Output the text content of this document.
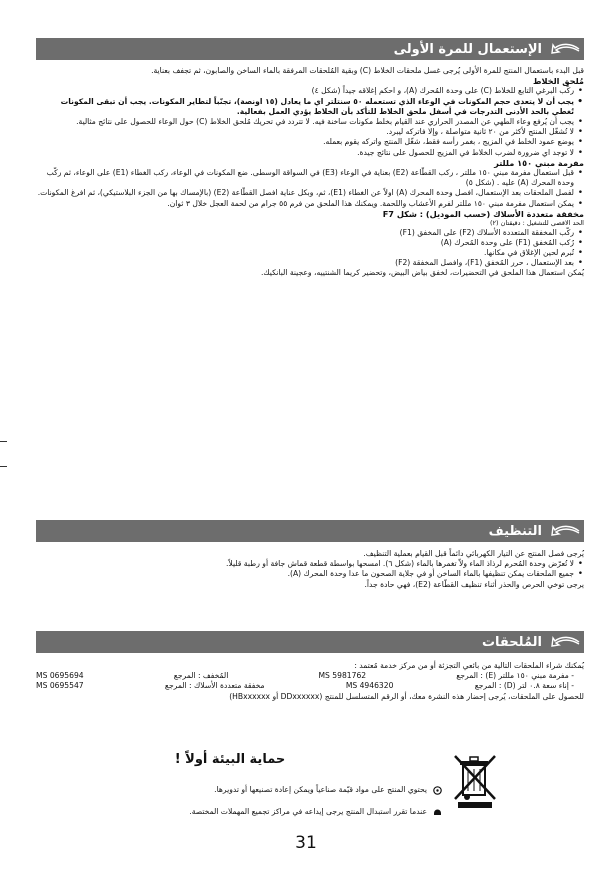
الإستعمال للمرة الأولى

قبل البدء باستعمال المنتج للمرة الأولى يُرجى غسل ملحقات الخلاط (C) وبقية المُلحقات المرفقة بالماء الساخن والصابون، ثم تجفف بعناية.

مُلحق الخلاط

• ركّب البرغي التابع للخلاط (C) على وحدة المُحرك (A)، و احكم إغلاقه جيداً (شكل ٤)
• يجب أن لا يتعدى حجم المكونات في الوعاء الذي تستعمله ٥٠ سنتلتر اي ما يعادل (١٥ اونصة)، تجنّباً لتطاير المكونات. يجب أن تبقى المكونات تُغطي بالحد الأدنى التدرجات في أسفل ملحق الخلاط للتأكد بأن الخلاط يؤدي العمل بفعالية.
• يجب أن يُرفع وعاء الطهي عن المصدر الحراري عند القيام بخلط مكونات ساخنة فيه. لا تتردد في تحريك مُلحق الخلاط (C) حول الوعاء للحصول على نتائج مثالية.
• لا تُشغّل المنتج لأكثر من ٢٠ ثانية متواصلة ، وإلا فاتركه ليبرد.
• يوضع عمود الخلط في المزيج ، بغمر رأسه فقط، شغّل المنتج واتركه يقوم بعمله.
• لا توجد اي ضرورة لضرب الخلاط في المزيج للحصول على نتائج جيدة.

مفرمة مبني ١٥٠ مللتر

• قبل استعمال مفرمة مبني ١٥٠ مللتر ، ركب القطّاعة (E2) بعناية في الوعاء (E3) في السواقة الوسطى. ضع المكونات في الوعاء، ركب الغطاء (E1) على الوعاء، ثم ركّب وحدة المحرك (A) عليه . (شكل ٥)
• لفصل الملحقات بعد الإستعمال، افصل وحدة المحرك (A) اولاً عن الغطاء (E1)، ثم، وبكل عناية افصل القطّاعة (E2) (بالإمساك بها من الجزء البلاستيكي)، ثم افرغ المكونات.
• يمكن استعمال مفرمة مبني ١٥٠ مللتر لفرم الأعشاب واللحمة. ويمكنك هذا الملحق من فرم ٥٥ جرام من لحمة العجل خلال ٣ ثوان.

مخفقة متعددة الأسلاك (حسب الموديل) : شكل F7

الحد الاقصى للتشغيل : دقيقتان (٢)

• ركّب المخفقة المتعددة الأسلاك (F2) على المخفق (F1)
• رُكب المُخفق (F1) على وحدة المُحرك (A)
• تُبرم لحين الإغلاق في مكانها.
• بعد الإستعمال ، حرر المُخفق (F1)، وافصل المخفقة (F2)

يُمكن استعمال هذا الملحق في التحضيرات، لخفق بياض البيض، وتحضير كريما الشنتييه، وعجينة البانكيك.

التنظيف

يُرجى فصل المنتج عن التيار الكهربائي دائماً قبل القيام بعملية التنظيف.

• لا تُعرّض وحدة المُحرم لرذاذ الماء ولاّ تغمرها بالماء (شكل ٦). امسحها بواسطة قطعة قماش جافة أو رطبة قليلاً.
• جميع الملحقات يمكن تنظيفها بالماء الساخن أو في جلاية الصحون ما عدا وحدة المحرك (A).

يرجى توخي الحرص والحذر أثناء تنظيف القطّاعة (E2)، فهي حادة جداً.

المُلحقات

يُمكنك شراء الملحقات التالية من بائعي التجزئة أو من مركز خدمة مُعتمد :

- مفرمة مبني ١٥٠ مللتر (E) : المرجع
MS 5981762
المُخفف : المرجع
MS 0695694
- إناء سعة ٠.٨ لتر (D) : المرجع
MS 4946320
مخفقة متعددة الأسلاك : المرجع
MS 0695547

للحصول على الملحقات، يُرجى إحضار هذه النشرة معك، أو الرقم المتسلسل للمنتج (DDxxxxxx أو HBxxxxxx)

حماية البيئة أولاً !
يحتوي المنتج على مواد قيّمة صناعياً ويمكن إعادة تصنيعها أو تدويرها.
عندما تقرر استبدال المنتج يرجى إيداعه في مراكز تجميع المهملات المختصة.
31
